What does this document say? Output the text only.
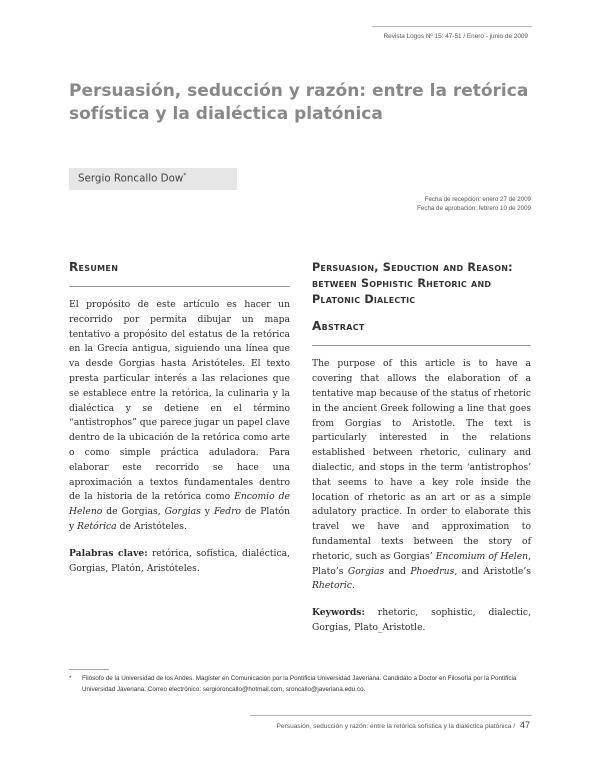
Revista Logos Nº 15: 47-51 / Enero - junio de 2009
Persuasión, seducción y razón: entre la retórica sofística y la dialéctica platónica
Sergio Roncallo Dow*
Fecha de recepción: enero 27 de 2009
Fecha de aprobación: febrero 10 de 2009
Resumen

El propósito de este artículo es hacer un recorrido por permita dibujar un mapa tentativo a propósito del estatus de la retórica en la Grecia antigua, siguiendo una línea que va desde Gorgias hasta Aristóteles. El texto presta particular interés a las relaciones que se establece entre la retórica, la culinaria y la dialéctica y se detiene en el término “antistrophos” que parece jugar un papel clave dentro de la ubicación de la retórica como arte o como simple práctica aduladora. Para elaborar este recorrido se hace una aproximación a textos fundamentales dentro de la historia de la retórica como Encomio de Heleno de Gorgias, Gorgias y Fedro de Platón y Retórica de Aristóteles.

Palabras clave: retórica, sofística, dialéctica, Gorgias, Platón, Aristóteles.

Persuasion, Seduction and Reason: between Sophistic Rhetoric and Platonic Dialectic
Abstract

The purpose of this article is to have a covering that allows the elaboration of a tentative map because of the status of rhetoric in the ancient Greek following a line that goes from Gorgias to Aristotle. The text is particularly interested in the relations established between rhetoric, culinary and dialectic, and stops in the term ‘antistrophos’ that seems to have a key role inside the location of rhetoric as an art or as a simple adulatory practice. In order to elaborate this travel we have and approximation to fundamental texts between the story of rhetoric, such as Gorgias’ Encomium of Helen, Plato’s Gorgias and Phoedrus, and Aristotle’s Rhetoric.

Keywords: rhetoric, sophistic, dialectic, Gorgias, Plato_Aristotle.

* Filósofo de la Universidad de los Andes. Magíster en Comunicación por la Pontificia Universidad Javeriana. Candidato a Doctor en Filosofía por la Pontificia Universidad Javeriana. Correo electrónico: sergioroncallo@hotmail.com, sroncallo@javeriana.edu.co.
Persuasión, seducción y razón: entre la retórica sofística y la dialéctica platónica / 47
